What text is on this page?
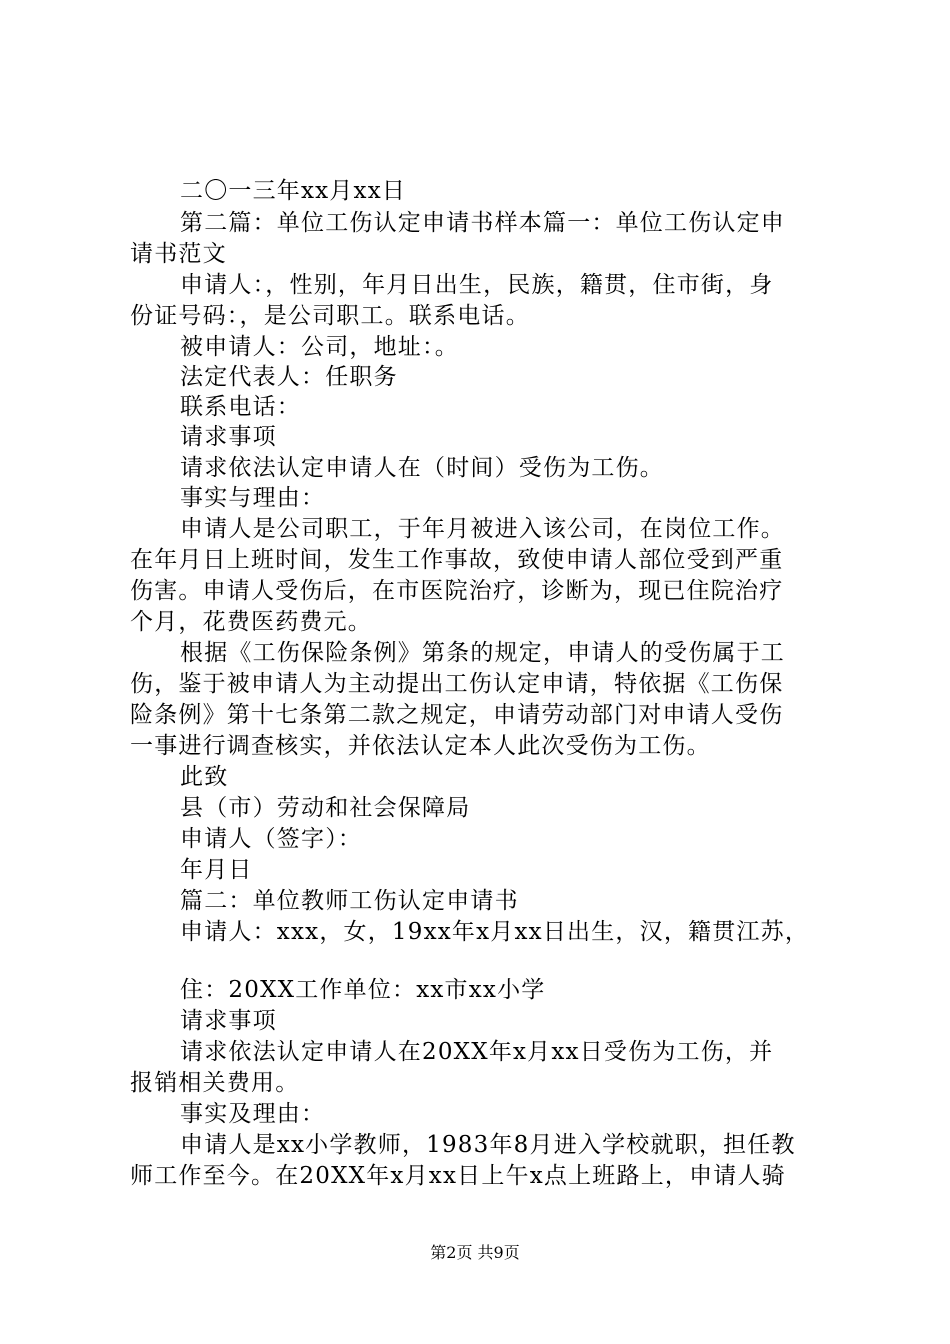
二〇一三年xx月xx日
第二篇：单位工伤认定申请书样本篇一：单位工伤认定申
请书范文
申请人：，性别，年月日出生，民族，籍贯，住市街，身
份证号码：，是公司职工。联系电话。
被申请人：公司，地址：。
法定代表人：任职务
联系电话：
请求事项
请求依法认定申请人在（时间）受伤为工伤。
事实与理由：
申请人是公司职工，于年月被进入该公司，在岗位工作。
在年月日上班时间，发生工作事故，致使申请人部位受到严重
伤害。申请人受伤后，在市医院治疗，诊断为，现已住院治疗
个月，花费医药费元。
根据《工伤保险条例》第条的规定，申请人的受伤属于工
伤，鉴于被申请人为主动提出工伤认定申请，特依据《工伤保
险条例》第十七条第二款之规定，申请劳动部门对申请人受伤
一事进行调查核实，并依法认定本人此次受伤为工伤。
此致
县（市）劳动和社会保障局
申请人（签字）：
年月日
篇二：单位教师工伤认定申请书
申请人：xxx，女，19xx年x月xx日出生，汉，籍贯江苏，
住：20XX工作单位：xx市xx小学
请求事项
请求依法认定申请人在20XX年x月xx日受伤为工伤，并
报销相关费用。
事实及理由：
申请人是xx小学教师，1983年8月进入学校就职，担任教
师工作至今。在20XX年x月xx日上午x点上班路上，申请人骑
第2页 共9页
